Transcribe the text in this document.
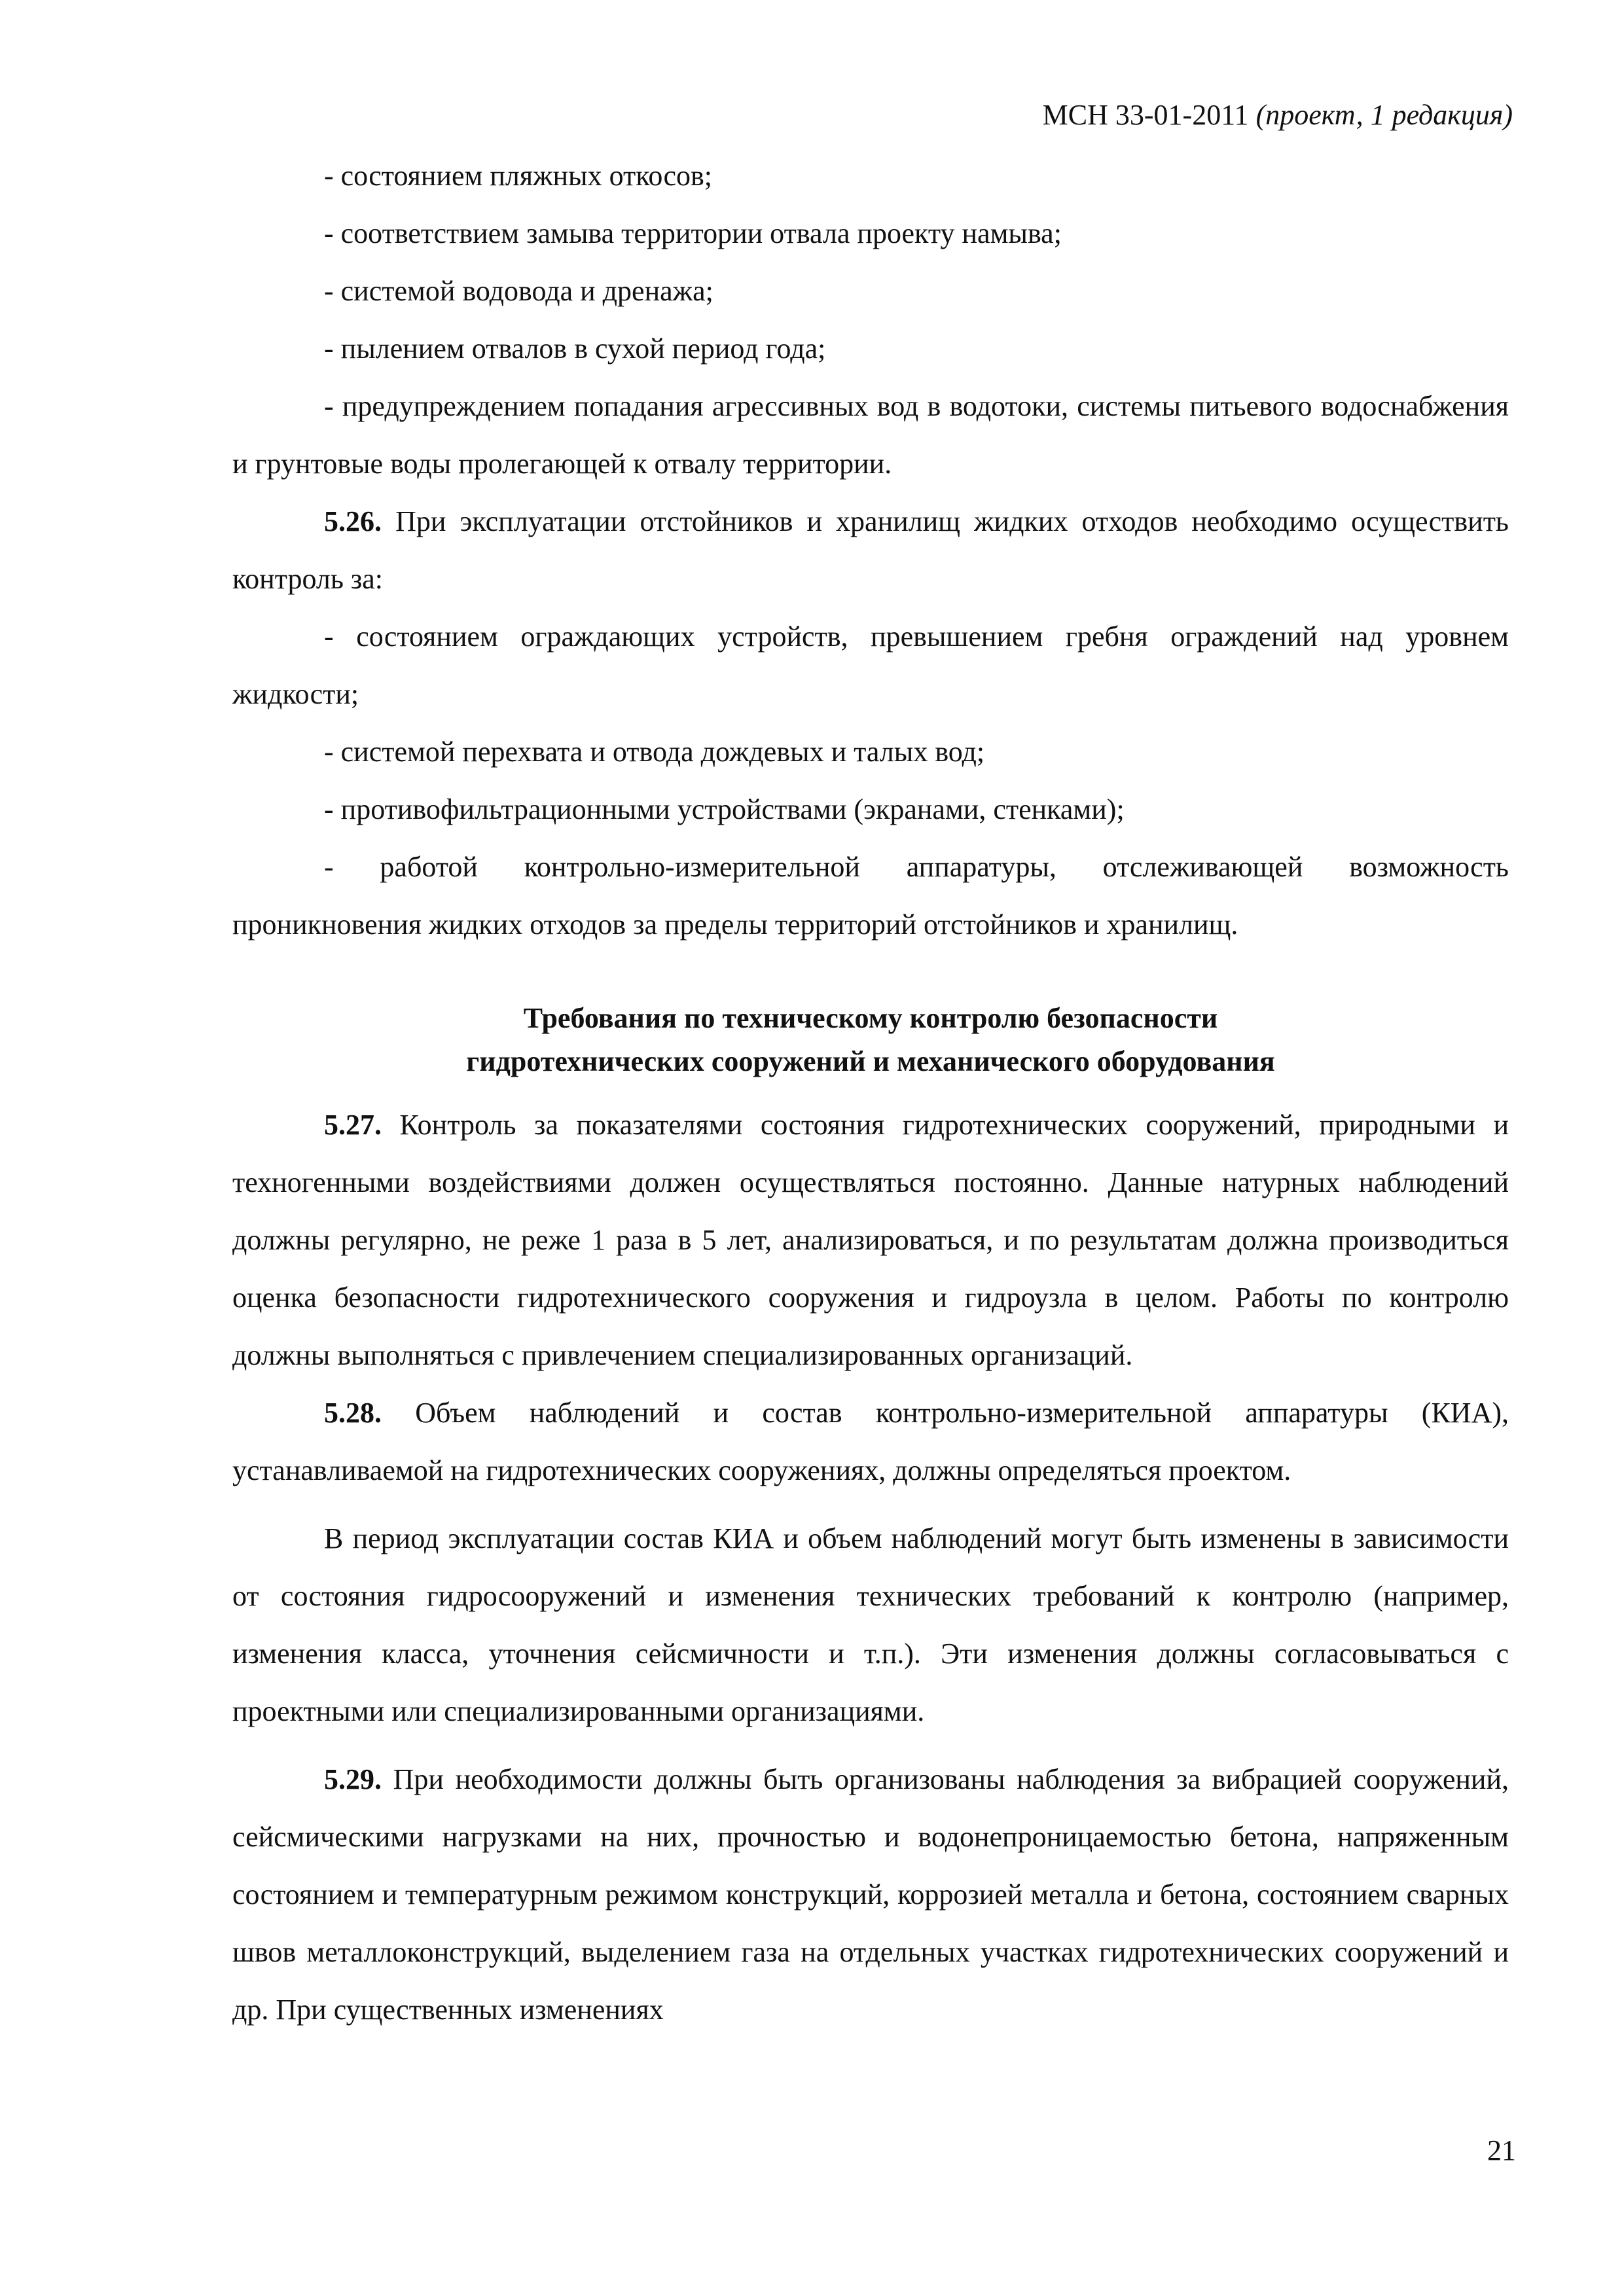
МСН 33-01-2011 (проект, 1 редакция)

- состоянием пляжных откосов;

- соответствием замыва территории отвала проекту намыва;

- системой водовода и дренажа;

- пылением отвалов в сухой период года;

- предупреждением попадания агрессивных вод в водотоки, системы питьевого водоснабжения и грунтовые воды пролегающей к отвалу территории.

5.26. При эксплуатации отстойников и хранилищ жидких отходов необходимо осуществить контроль за:

- состоянием ограждающих устройств, превышением гребня ограждений над уровнем жидкости;

- системой перехвата и отвода дождевых и талых вод;

- противофильтрационными устройствами (экранами, стенками);

- работой контрольно-измерительной аппаратуры, отслеживающей возможность проникновения жидких отходов за пределы территорий отстойников и хранилищ.

Требования по техническому контролю безопасности
гидротехнических сооружений и механического оборудования

5.27. Контроль за показателями состояния гидротехнических сооружений, природными и техногенными воздействиями должен осуществляться постоянно. Данные натурных наблюдений должны регулярно, не реже 1 раза в 5 лет, анализироваться, и по результатам должна производиться оценка безопасности гидротехнического сооружения и гидроузла в целом. Работы по контролю должны выполняться с привлечением специализированных организаций.

5.28. Объем наблюдений и состав контрольно-измерительной аппаратуры (КИА), устанавливаемой на гидротехнических сооружениях, должны определяться проектом.

В период эксплуатации состав КИА и объем наблюдений могут быть изменены в зависимости от состояния гидросооружений и изменения технических требований к контролю (например, изменения класса, уточнения сейсмичности и т.п.). Эти изменения должны согласовываться с проектными или специализированными организациями.

5.29. При необходимости должны быть организованы наблюдения за вибрацией сооружений, сейсмическими нагрузками на них, прочностью и водонепроницаемостью бетона, напряженным состоянием и температурным режимом конструкций, коррозией металла и бетона, состоянием сварных швов металлоконструкций, выделением газа на отдельных участках гидротехнических сооружений и др. При существенных изменениях

21
